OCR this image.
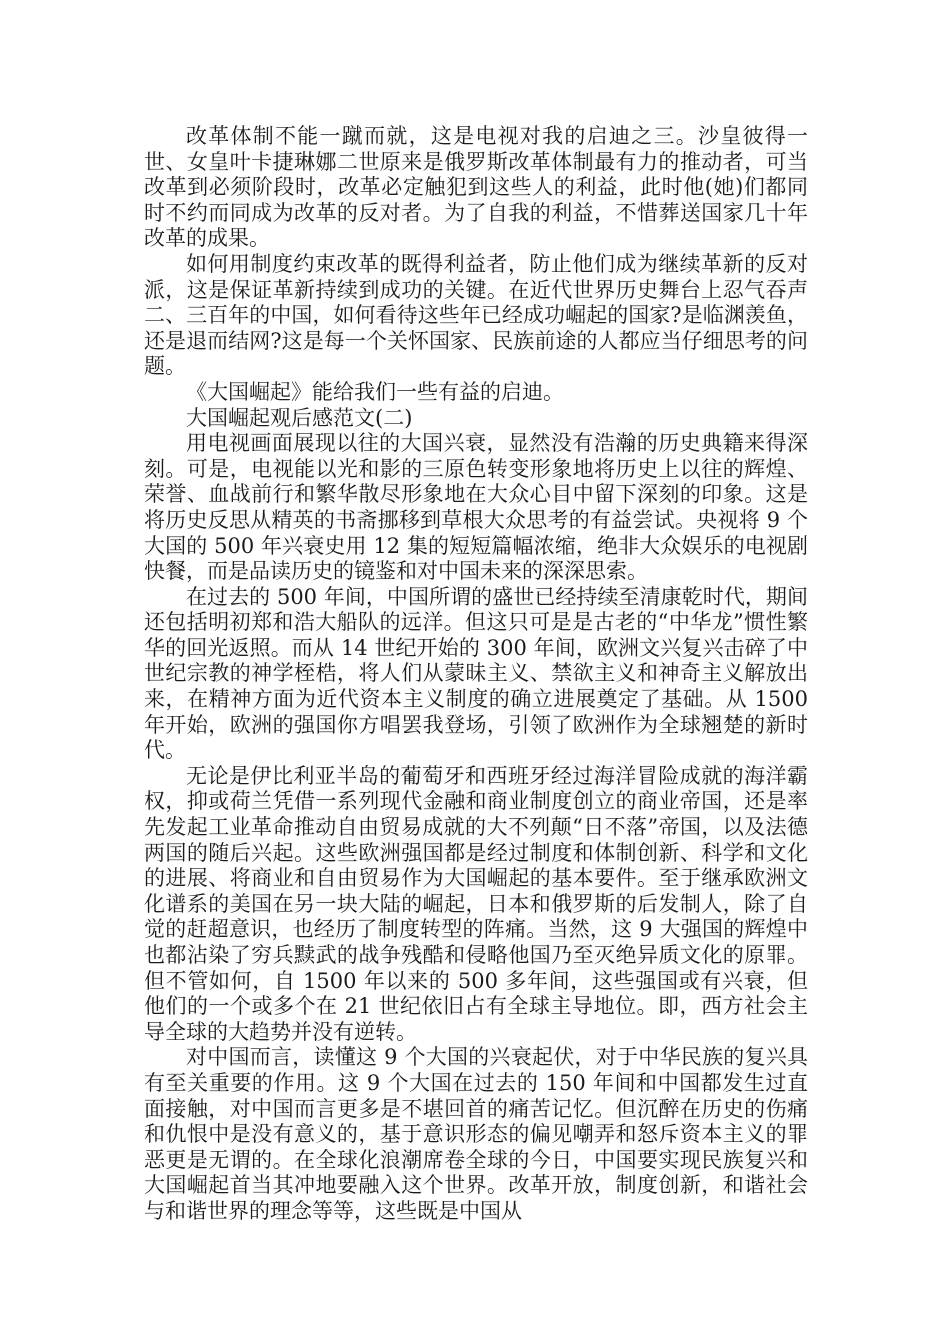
改革体制不能一蹴而就，这是电视对我的启迪之三。沙皇彼得一世、女皇叶卡捷琳娜二世原来是俄罗斯改革体制最有力的推动者，可当改革到必须阶段时，改革必定触犯到这些人的利益，此时他(她)们都同时不约而同成为改革的反对者。为了自我的利益，不惜葬送国家几十年改革的成果。

如何用制度约束改革的既得利益者，防止他们成为继续革新的反对派，这是保证革新持续到成功的关键。在近代世界历史舞台上忍气吞声二、三百年的中国，如何看待这些年已经成功崛起的国家?是临渊羡鱼，还是退而结网?这是每一个关怀国家、民族前途的人都应当仔细思考的问题。

《大国崛起》能给我们一些有益的启迪。

大国崛起观后感范文(二)

用电视画面展现以往的大国兴衰，显然没有浩瀚的历史典籍来得深刻。可是，电视能以光和影的三原色转变形象地将历史上以往的辉煌、荣誉、血战前行和繁华散尽形象地在大众心目中留下深刻的印象。这是将历史反思从精英的书斋挪移到草根大众思考的有益尝试。央视将 9 个大国的 500 年兴衰史用 12 集的短短篇幅浓缩，绝非大众娱乐的电视剧快餐，而是品读历史的镜鉴和对中国未来的深深思索。

在过去的 500 年间，中国所谓的盛世已经持续至清康乾时代，期间还包括明初郑和浩大船队的远洋。但这只可是是古老的“中华龙”惯性繁华的回光返照。而从 14 世纪开始的 300 年间，欧洲文兴复兴击碎了中世纪宗教的神学桎梏，将人们从蒙昧主义、禁欲主义和神奇主义解放出来，在精神方面为近代资本主义制度的确立进展奠定了基础。从 1500 年开始，欧洲的强国你方唱罢我登场，引领了欧洲作为全球翘楚的新时代。

无论是伊比利亚半岛的葡萄牙和西班牙经过海洋冒险成就的海洋霸权，抑或荷兰凭借一系列现代金融和商业制度创立的商业帝国，还是率先发起工业革命推动自由贸易成就的大不列颠“日不落”帝国，以及法德两国的随后兴起。这些欧洲强国都是经过制度和体制创新、科学和文化的进展、将商业和自由贸易作为大国崛起的基本要件。至于继承欧洲文化谱系的美国在另一块大陆的崛起，日本和俄罗斯的后发制人，除了自觉的赶超意识，也经历了制度转型的阵痛。当然，这 9 大强国的辉煌中也都沾染了穷兵黩武的战争残酷和侵略他国乃至灭绝异质文化的原罪。但不管如何，自 1500 年以来的 500 多年间，这些强国或有兴衰，但他们的一个或多个在 21 世纪依旧占有全球主导地位。即，西方社会主导全球的大趋势并没有逆转。

对中国而言，读懂这 9 个大国的兴衰起伏，对于中华民族的复兴具有至关重要的作用。这 9 个大国在过去的 150 年间和中国都发生过直面接触，对中国而言更多是不堪回首的痛苦记忆。但沉醉在历史的伤痛和仇恨中是没有意义的，基于意识形态的偏见嘲弄和怒斥资本主义的罪恶更是无谓的。在全球化浪潮席卷全球的今日，中国要实现民族复兴和大国崛起首当其冲地要融入这个世界。改革开放，制度创新，和谐社会与和谐世界的理念等等，这些既是中国从
